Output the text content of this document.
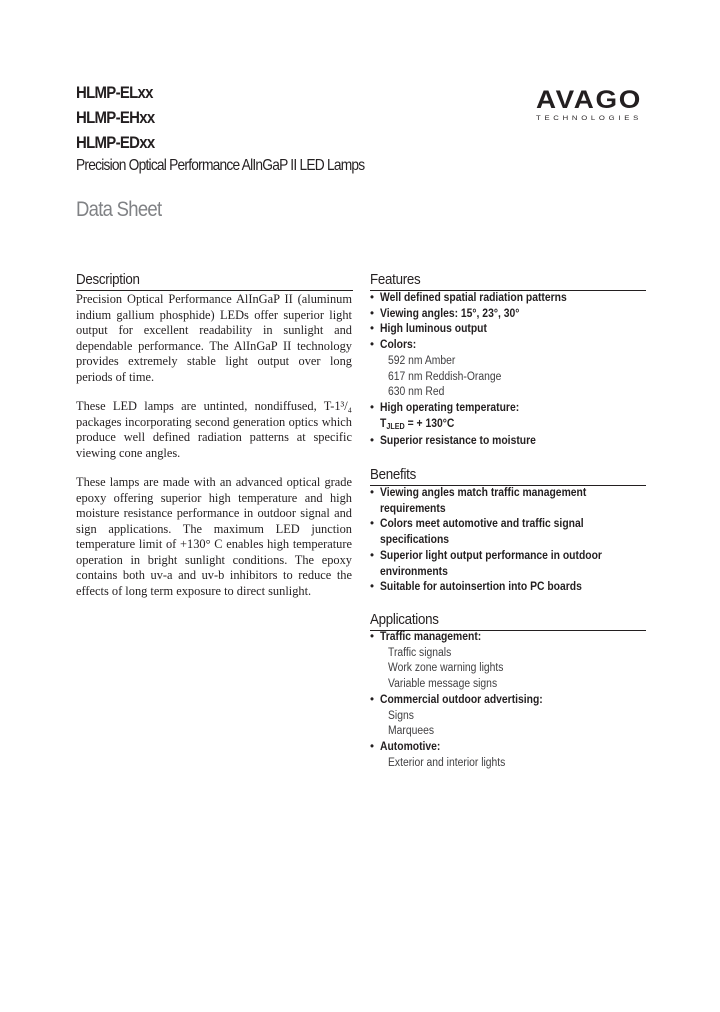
HLMP-ELxx
HLMP-EHxx
HLMP-EDxx
Precision Optical Performance AlInGaP II LED Lamps
Data Sheet
AVAGO
TECHNOLOGIES
Description
Precision Optical Performance AlInGaP II (aluminum indium gallium phosphide) LEDs offer superior light output for excellent readability in sunlight and dependable performance. The AlInGaP II technology provides extremely stable light output over long periods of time.
These LED lamps are untinted, nondiffused, T-1³/₄ packages incorporating second generation optics which produce well defined radiation patterns at specific viewing cone angles.
These lamps are made with an advanced optical grade epoxy offering superior high temperature and high moisture resistance performance in outdoor signal and sign applications. The maximum LED junction temperature limit of +130° C enables high temperature operation in bright sunlight conditions. The epoxy contains both uv-a and uv-b inhibitors to reduce the effects of long term exposure to direct sunlight.
Features
• Well defined spatial radiation patterns
• Viewing angles: 15°, 23°, 30°
• High luminous output
• Colors:
592 nm Amber
617 nm Reddish-Orange
630 nm Red
• High operating temperature:
TJLED = + 130°C
• Superior resistance to moisture
Benefits
• Viewing angles match traffic management
requirements
• Colors meet automotive and traffic signal
specifications
• Superior light output performance in outdoor
environments
• Suitable for autoinsertion into PC boards
Applications
• Traffic management:
Traffic signals
Work zone warning lights
Variable message signs
• Commercial outdoor advertising:
Signs
Marquees
• Automotive:
Exterior and interior lights
